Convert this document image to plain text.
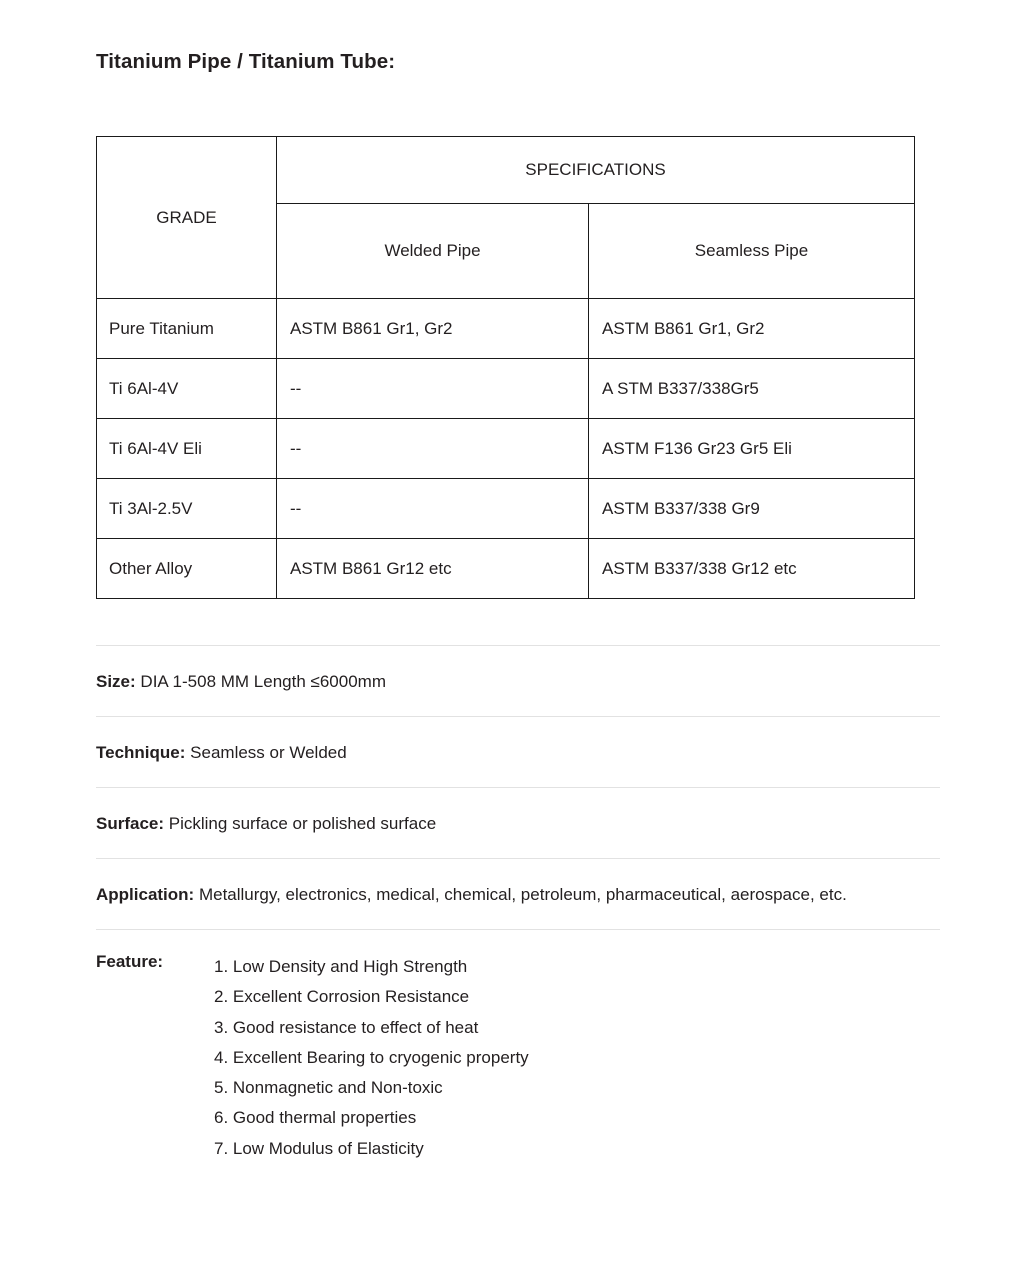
Titanium Pipe / Titanium Tube:
GRADE	SPECIFICATIONS	
	Welded Pipe	Seamless Pipe
Pure Titanium	ASTM B861 Gr1, Gr2	ASTM B861 Gr1, Gr2
Ti 6Al-4V	--	A STM B337/338Gr5
Ti 6Al-4V Eli	--	ASTM F136 Gr23 Gr5 Eli
Ti 3Al-2.5V	--	ASTM B337/338 Gr9
Other Alloy	ASTM B861 Gr12 etc	ASTM B337/338 Gr12 etc
Size: DIA 1-508 MM Length ≤6000mm
Technique: Seamless or Welded
Surface: Pickling surface or polished surface
Application: Metallurgy, electronics, medical, chemical, petroleum, pharmaceutical, aerospace, etc.
Feature:	1. Low Density and High Strength
2. Excellent Corrosion Resistance
3. Good resistance to effect of heat
4. Excellent Bearing to cryogenic property
5. Nonmagnetic and Non-toxic
6. Good thermal properties
7. Low Modulus of Elasticity
